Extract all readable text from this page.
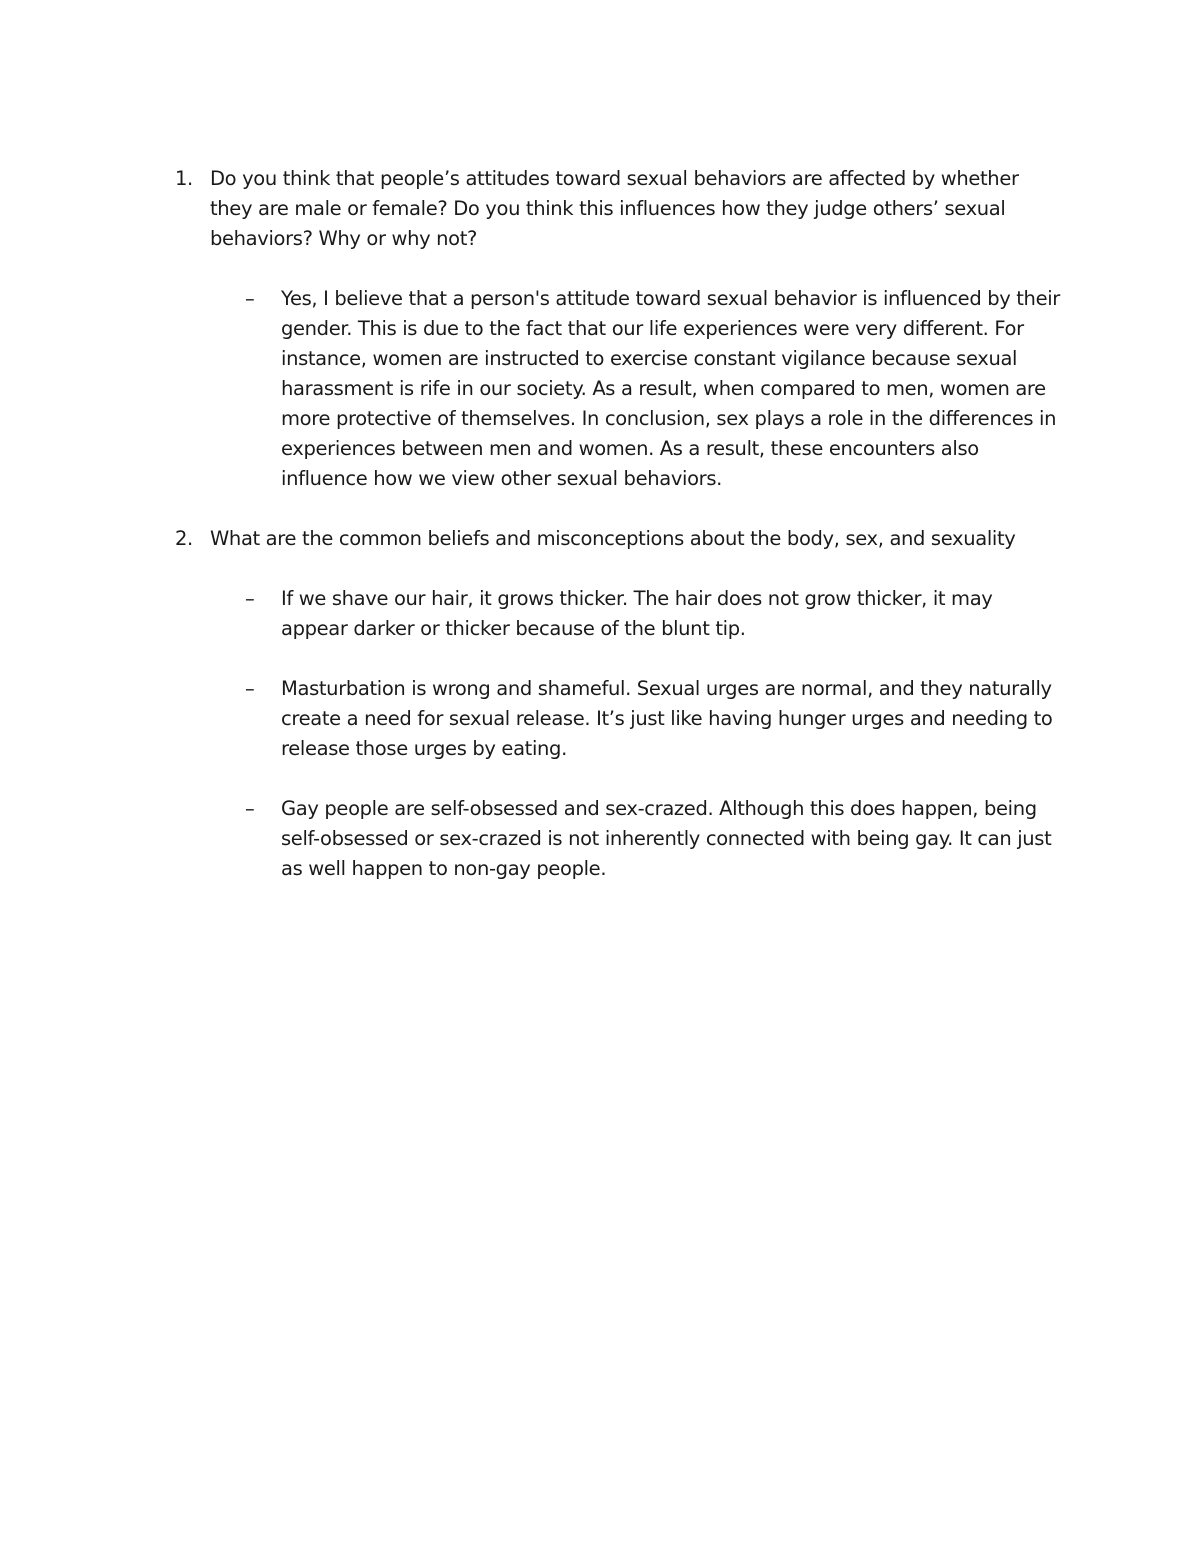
1. Do you think that people’s attitudes toward sexual behaviors are affected by whether they are male or female? Do you think this influences how they judge others’ sexual behaviors? Why or why not?
– Yes, I believe that a person's attitude toward sexual behavior is influenced by their gender. This is due to the fact that our life experiences were very different. For instance, women are instructed to exercise constant vigilance because sexual harassment is rife in our society. As a result, when compared to men, women are more protective of themselves. In conclusion, sex plays a role in the differences in experiences between men and women. As a result, these encounters also influence how we view other sexual behaviors.
2. What are the common beliefs and misconceptions about the body, sex, and sexuality
– If we shave our hair, it grows thicker. The hair does not grow thicker, it may appear darker or thicker because of the blunt tip.
– Masturbation is wrong and shameful. Sexual urges are normal, and they naturally create a need for sexual release. It’s just like having hunger urges and needing to release those urges by eating.
– Gay people are self-obsessed and sex-crazed. Although this does happen, being self-obsessed or sex-crazed is not inherently connected with being gay. It can just as well happen to non-gay people.
